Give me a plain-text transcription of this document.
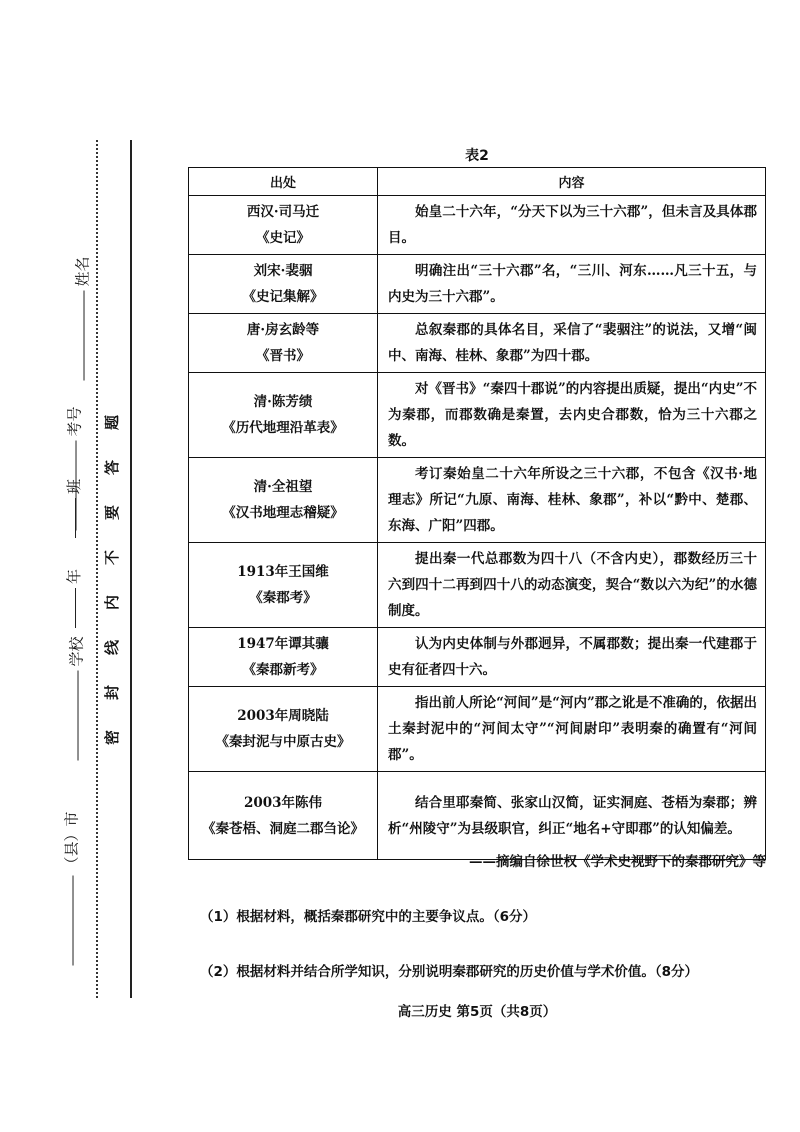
姓名
考号
班
年
学校
（县）市
题
答
要
不
内
线
封
密
表2
出处	内容

西汉·司马迁
《史记》	始皇二十六年，“分天下以为三十六郡”，但未言及具体郡目。

刘宋·裴骃
《史记集解》	明确注出“三十六郡”名，“三川、河东……凡三十五，与内史为三十六郡”。

唐·房玄龄等
《晋书》	总叙秦郡的具体名目，采信了“裴骃注”的说法，又增“闽中、南海、桂林、象郡”为四十郡。

清·陈芳绩
《历代地理沿革表》	对《晋书》“秦四十郡说”的内容提出质疑，提出“内史”不为秦郡，而郡数确是秦置，去内史合郡数，恰为三十六郡之数。

清·全祖望
《汉书地理志稽疑》	考订秦始皇二十六年所设之三十六郡，不包含《汉书·地理志》所记“九原、南海、桂林、象郡”，补以“黔中、楚郡、东海、广阳”四郡。

1913年王国维
《秦郡考》	提出秦一代总郡数为四十八（不含内史），郡数经历三十六到四十二再到四十八的动态演变，契合“数以六为纪”的水德制度。

1947年谭其骧
《秦郡新考》	认为内史体制与外郡迥异，不属郡数；提出秦一代建郡于史有征者四十六。

2003年周晓陆
《秦封泥与中原古史》	指出前人所论“河间”是“河内”郡之讹是不准确的，依据出土秦封泥中的“河间太守”“河间尉印”表明秦的确置有“河间郡”。

2003年陈伟
《秦苍梧、洞庭二郡刍论》	结合里耶秦简、张家山汉简，证实洞庭、苍梧为秦郡；辨析“州陵守”为县级职官，纠正“地名+守即郡”的认知偏差。
——摘编自徐世权《学术史视野下的秦郡研究》等
（1）根据材料，概括秦郡研究中的主要争议点。（6分）
（2）根据材料并结合所学知识，分别说明秦郡研究的历史价值与学术价值。（8分）
高三历史 第5页（共8页）
